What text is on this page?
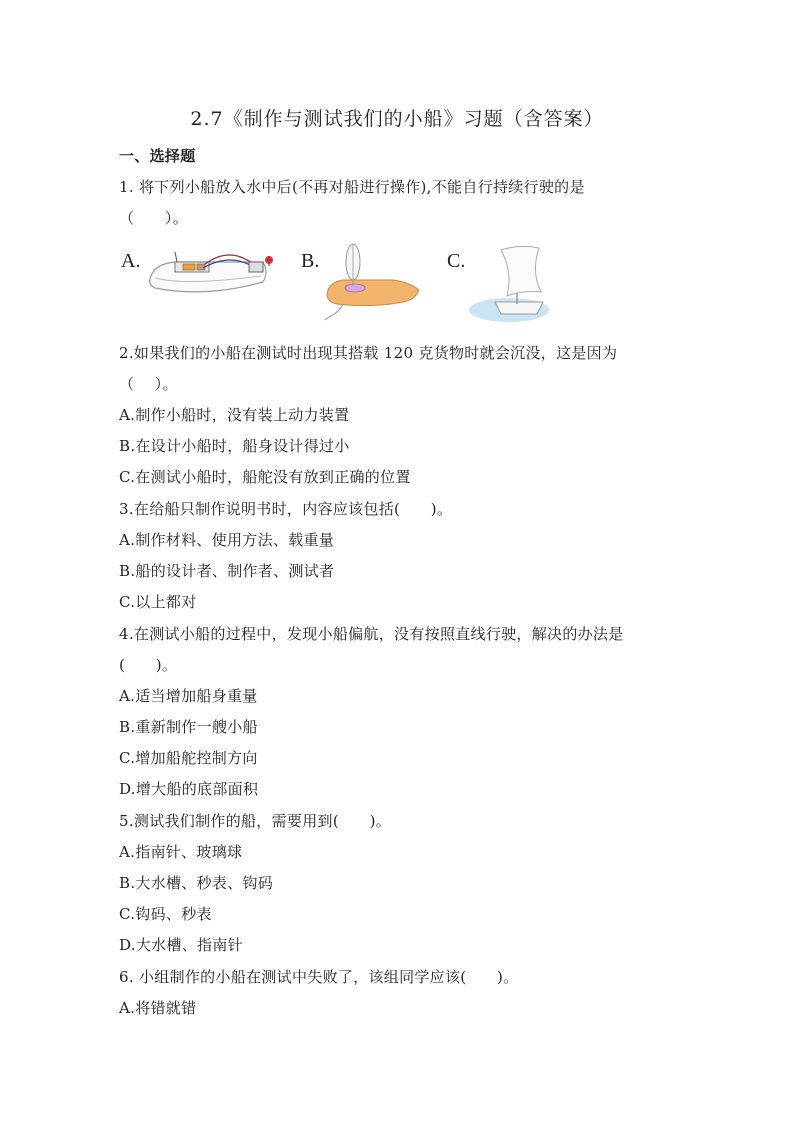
2.7《制作与测试我们的小船》习题（含答案）
一、选择题
1. 将下列小船放入水中后(不再对船进行操作),不能自行持续行驶的是
（　　）。
A.	B.	C.
2.如果我们的小船在测试时出现其搭载 120 克货物时就会沉没，这是因为
（　 ）。
A.制作小船时，没有装上动力装置
B.在设计小船时，船身设计得过小
C.在测试小船时，船舵没有放到正确的位置
3.在给船只制作说明书时，内容应该包括(　　)。
A.制作材料、使用方法、载重量
B.船的设计者、制作者、测试者
C.以上都对
4.在测试小船的过程中，发现小船偏航，没有按照直线行驶，解决的办法是
(　　)。
A.适当增加船身重量
B.重新制作一艘小船
C.增加船舵控制方向
D.增大船的底部面积
5.测试我们制作的船，需要用到(　　)。
A.指南针、玻璃球
B.大水槽、秒表、钩码
C.钩码、秒表
D.大水槽、指南针
6. 小组制作的小船在测试中失败了，该组同学应该(　　)。
A.将错就错
